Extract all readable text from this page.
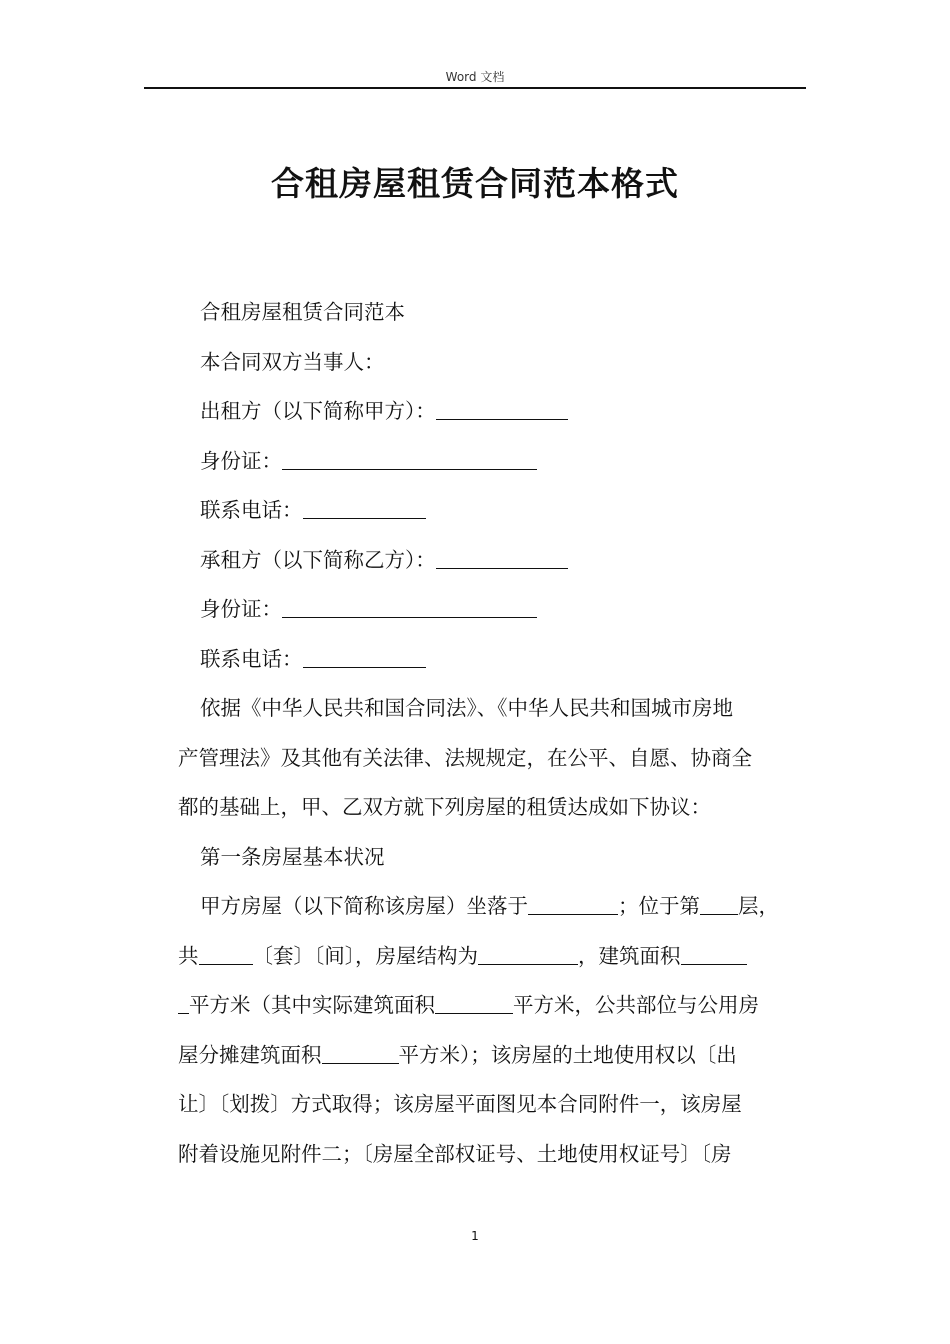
Word 文档
合租房屋租赁合同范本格式
合租房屋租赁合同范本
本合同双方当事人：
出租方（以下简称甲方）：
身份证：
联系电话：
承租方（以下简称乙方）：
身份证：
联系电话：
依据《中华人民共和国合同法》、《中华人民共和国城市房地
产管理法》及其他有关法律、法规规定，在公平、自愿、协商全
都的基础上，甲、乙双方就下列房屋的租赁达成如下协议：
第一条房屋基本状况
甲方房屋（以下简称该房屋）坐落于	；位于第 层，
共	〔套〕〔间〕，房屋结构为	，建筑面积
平方米（其中实际建筑面积	平方米，公共部位与公用房
屋分摊建筑面积	平方米）；该房屋的土地使用权以〔出
让〕〔划拨〕方式取得；该房屋平面图见本合同附件一，该房屋
附着设施见附件二；〔房屋全部权证号、土地使用权证号〕〔房
1
